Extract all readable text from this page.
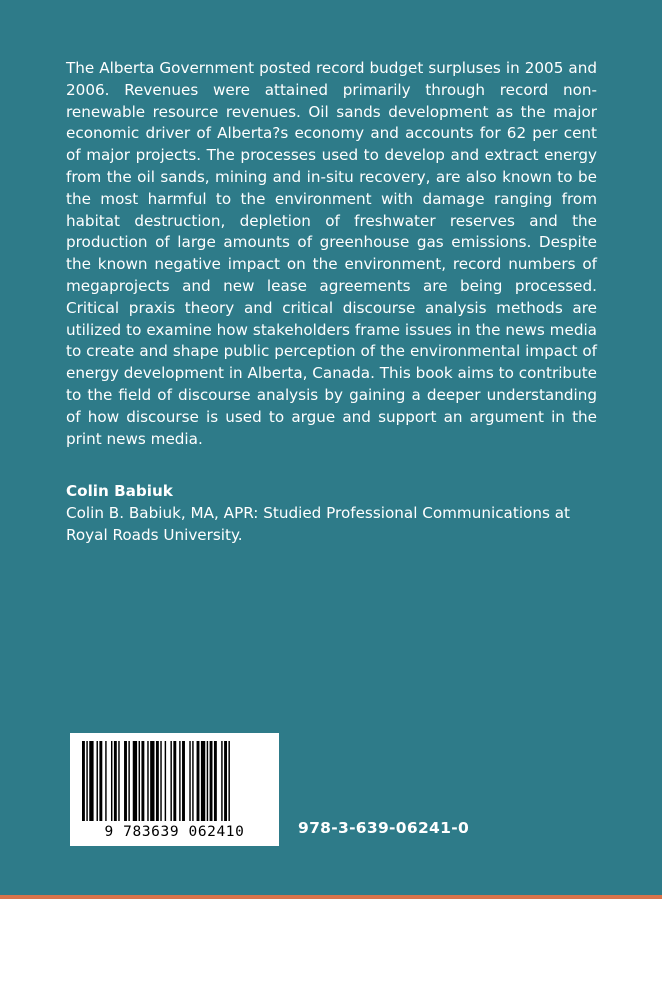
The Alberta Government posted record budget surpluses in 2005 and 2006. Revenues were attained primarily through record non-renewable resource revenues. Oil sands development as the major economic driver of Alberta?s economy and accounts for 62 per cent of major projects. The processes used to develop and extract energy from the oil sands, mining and in-situ recovery, are also known to be the most harmful to the environment with damage ranging from habitat destruction, depletion of freshwater reserves and the production of large amounts of greenhouse gas emissions. Despite the known negative impact on the environment, record numbers of megaprojects and new lease agreements are being processed. Critical praxis theory and critical discourse analysis methods are utilized to examine how stakeholders frame issues in the news media to create and shape public perception of the environmental impact of energy development in Alberta, Canada. This book aims to contribute to the field of discourse analysis by gaining a deeper understanding of how discourse is used to argue and support an argument in the print news media.

Colin Babiuk

Colin B. Babiuk, MA, APR: Studied Professional Communications at Royal Roads University.

9 783639 062410	978-3-639-06241-0
